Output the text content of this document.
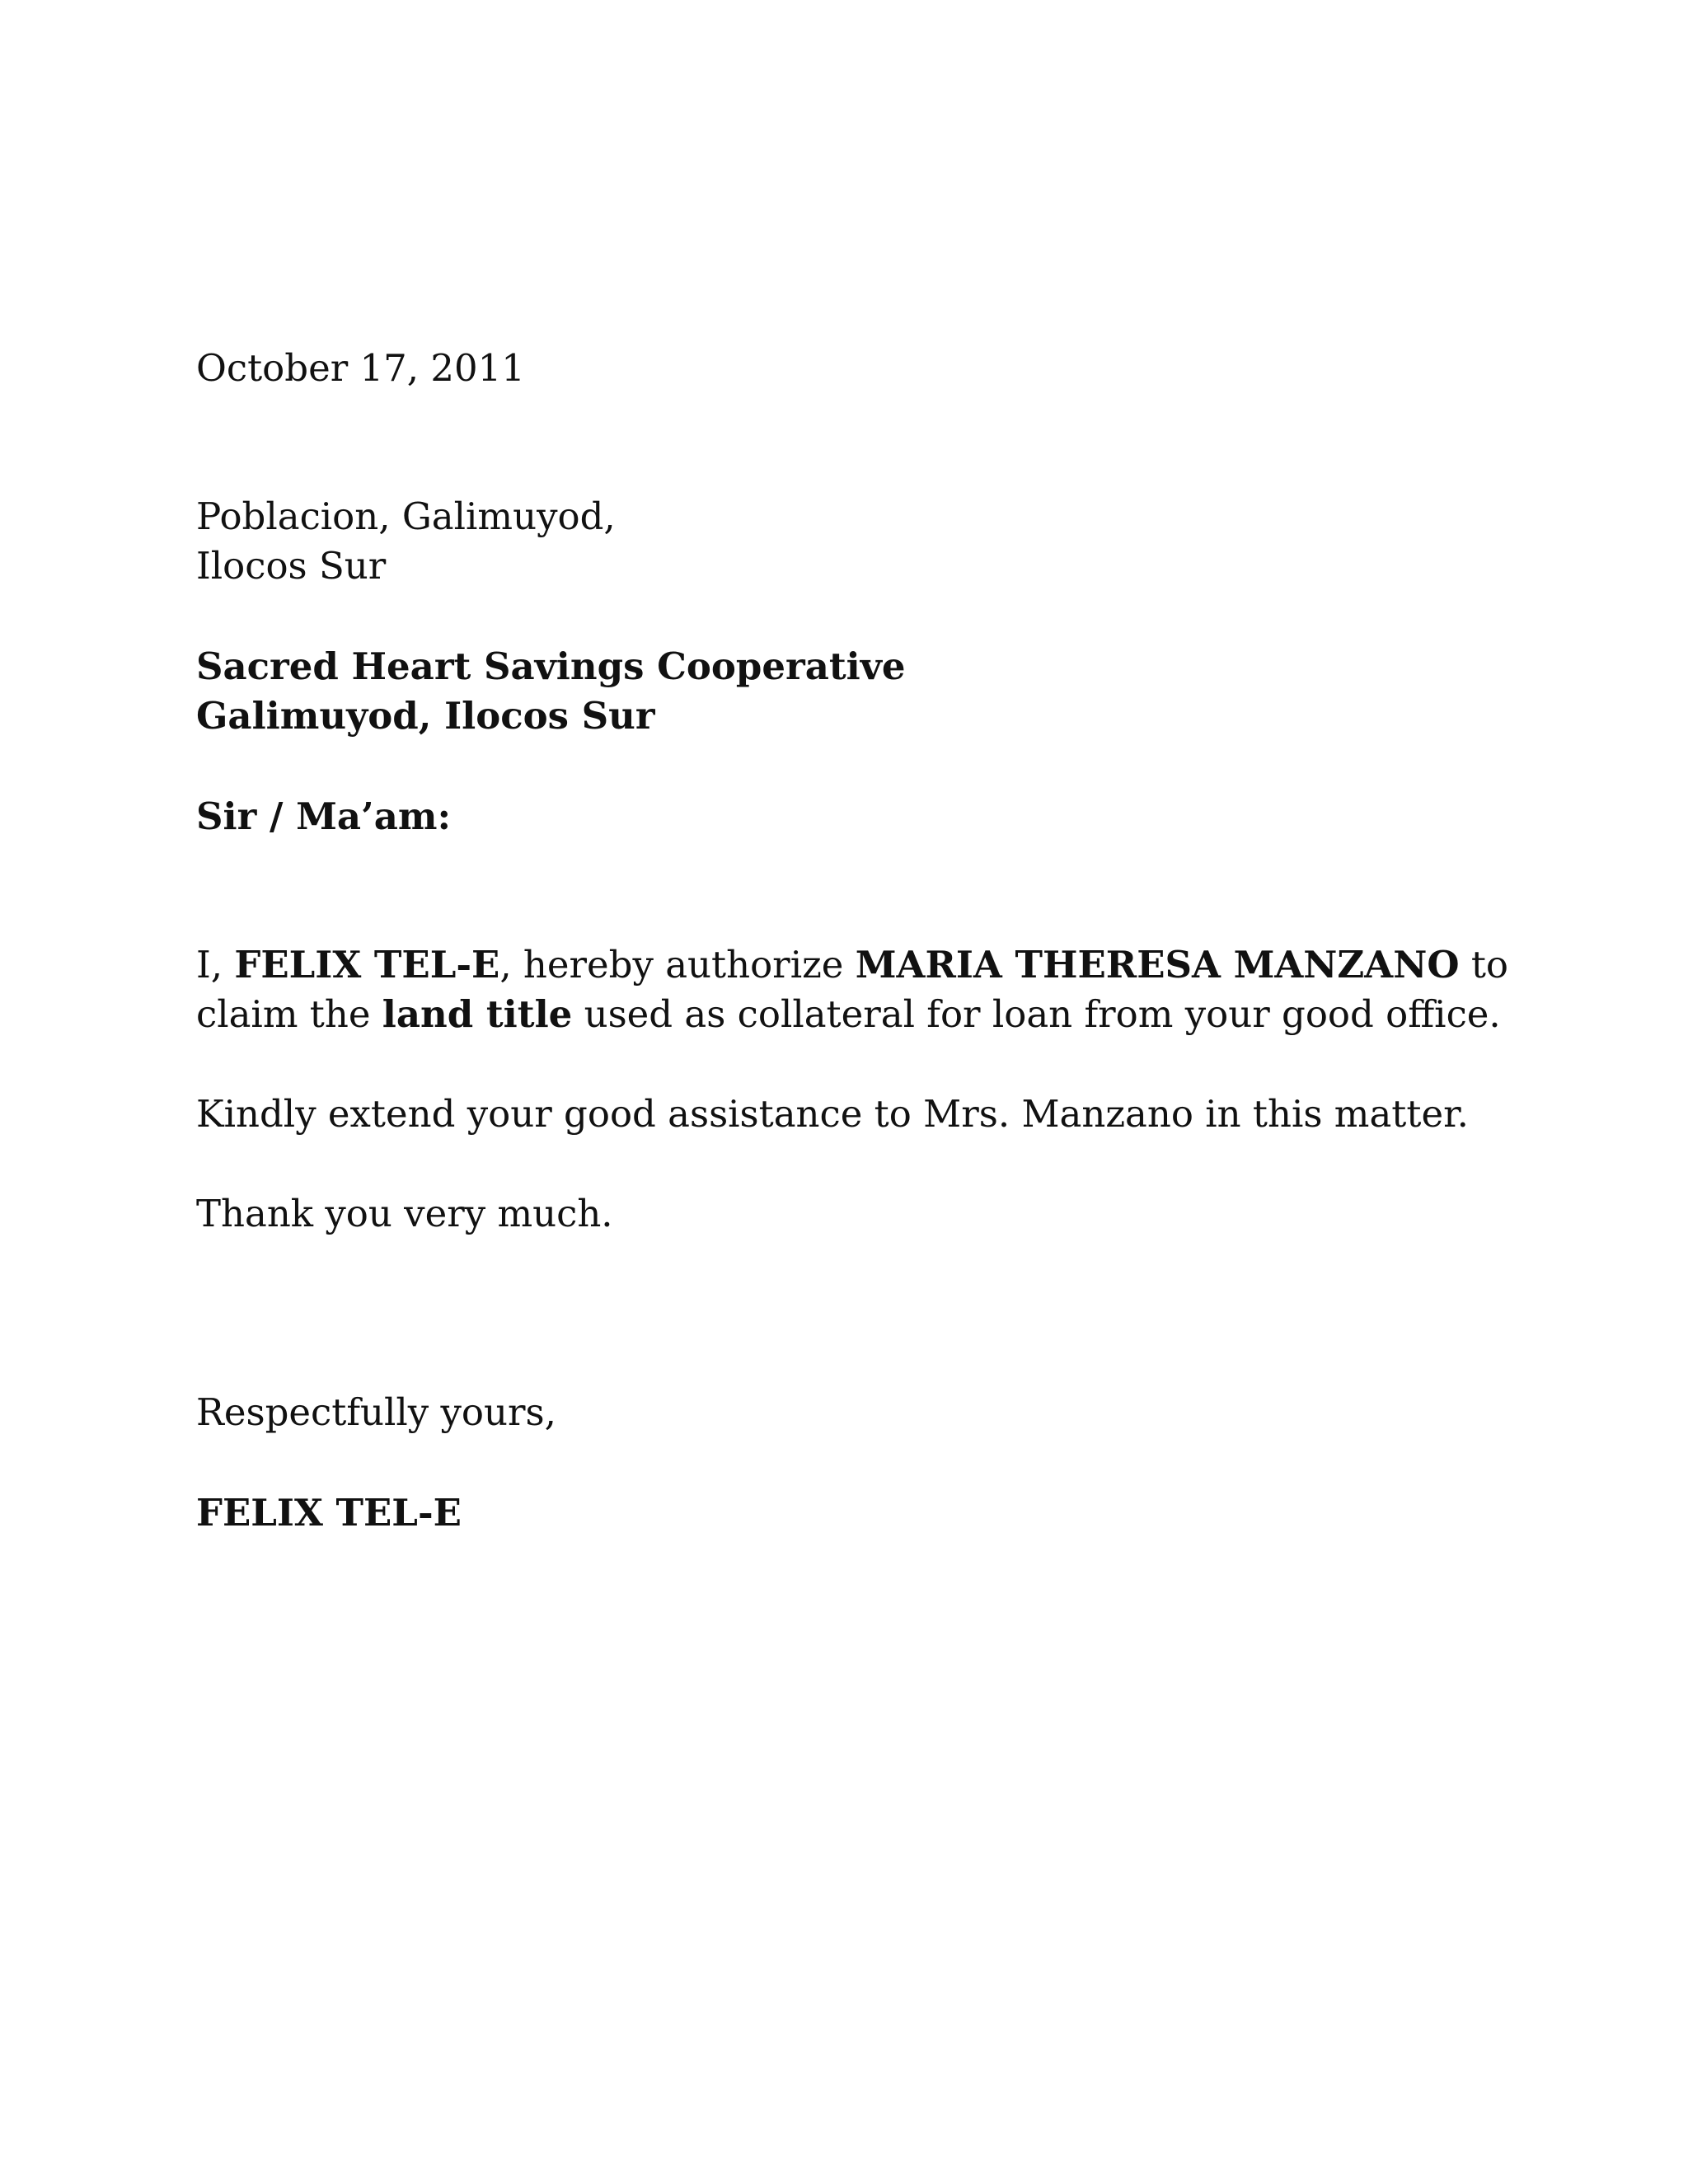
October 17, 2011
Poblacion, Galimuyod,
Ilocos Sur
Sacred Heart Savings Cooperative
Galimuyod, Ilocos Sur
Sir / Ma’am:
I, FELIX TEL-E, hereby authorize MARIA THERESA MANZANO to
claim the land title used as collateral for loan from your good office.
Kindly extend your good assistance to Mrs. Manzano in this matter.
Thank you very much.
Respectfully yours,
FELIX TEL-E
